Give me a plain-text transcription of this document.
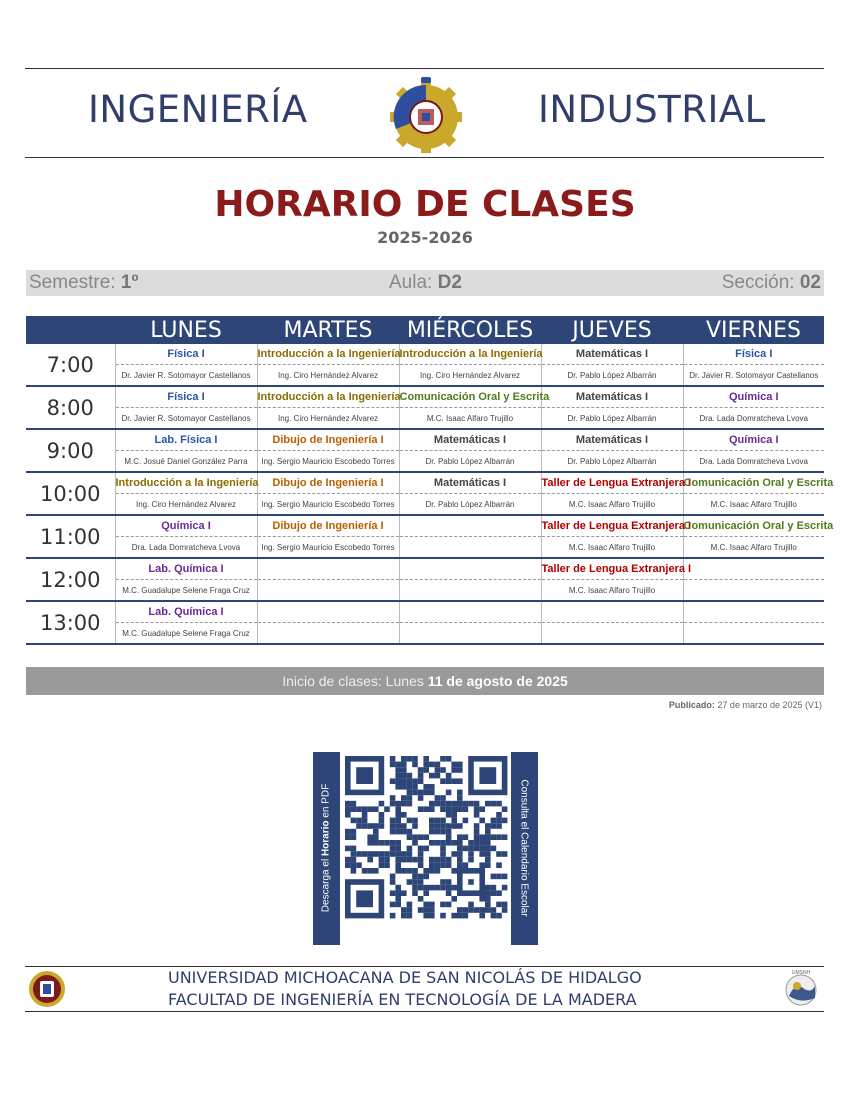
INGENIERÍA	INDUSTRIAL
HORARIO DE CLASES
2025-2026
Semestre: 1º	Aula: D2	Sección: 02
	LUNES	MARTES	MIÉRCOLES	JUEVES	VIERNES
7:00	Física I	Introducción a la Ingeniería	Introducción a la Ingeniería	Matemáticas I	Física I
	Dr. Javier R. Sotomayor Castellanos	Ing. Ciro Hernández Alvarez	Ing. Ciro Hernández Alvarez	Dr. Pablo López Albarrán	Dr. Javier R. Sotomayor Castellanos
8:00	Física I	Introducción a la Ingeniería	Comunicación Oral y Escrita	Matemáticas I	Química I
	Dr. Javier R. Sotomayor Castellanos	Ing. Ciro Hernández Alvarez	M.C. Isaac Alfaro Trujillo	Dr. Pablo López Albarrán	Dra. Lada Domratcheva Lvova
9:00	Lab. Física I	Dibujo de Ingeniería I	Matemáticas I	Matemáticas I	Química I
	M.C. Josué Daniel González Parra	Ing. Sergio Mauricio Escobedo Torres	Dr. Pablo López Albarrán	Dr. Pablo López Albarrán	Dra. Lada Domratcheva Lvova
10:00	Introducción a la Ingeniería	Dibujo de Ingeniería I	Matemáticas I	Taller de Lengua Extranjera I	Comunicación Oral y Escrita
	Ing. Ciro Hernández Alvarez	Ing. Sergio Mauricio Escobedo Torres	Dr. Pablo López Albarrán	M.C. Isaac Alfaro Trujillo	M.C. Isaac Alfaro Trujillo
11:00	Química I	Dibujo de Ingeniería I		Taller de Lengua Extranjera I	Comunicación Oral y Escrita
	Dra. Lada Domratcheva Lvova	Ing. Sergio Mauricio Escobedo Torres		M.C. Isaac Alfaro Trujillo	M.C. Isaac Alfaro Trujillo
12:00	Lab. Química I			Taller de Lengua Extranjera I	
	M.C. Guadalupe Selene Fraga Cruz			M.C. Isaac Alfaro Trujillo	
13:00	Lab. Química I				
	M.C. Guadalupe Selene Fraga Cruz				
Inicio de clases: Lunes 11 de agosto de 2025
Publicado: 27 de marzo de 2025 (V1)
Descarga el Horario en PDF	Consulta el Calendario Escolar
UNIVERSIDAD MICHOACANA DE SAN NICOLÁS DE HIDALGO
FACULTAD DE INGENIERÍA EN TECNOLOGÍA DE LA MADERA
UMSNH
